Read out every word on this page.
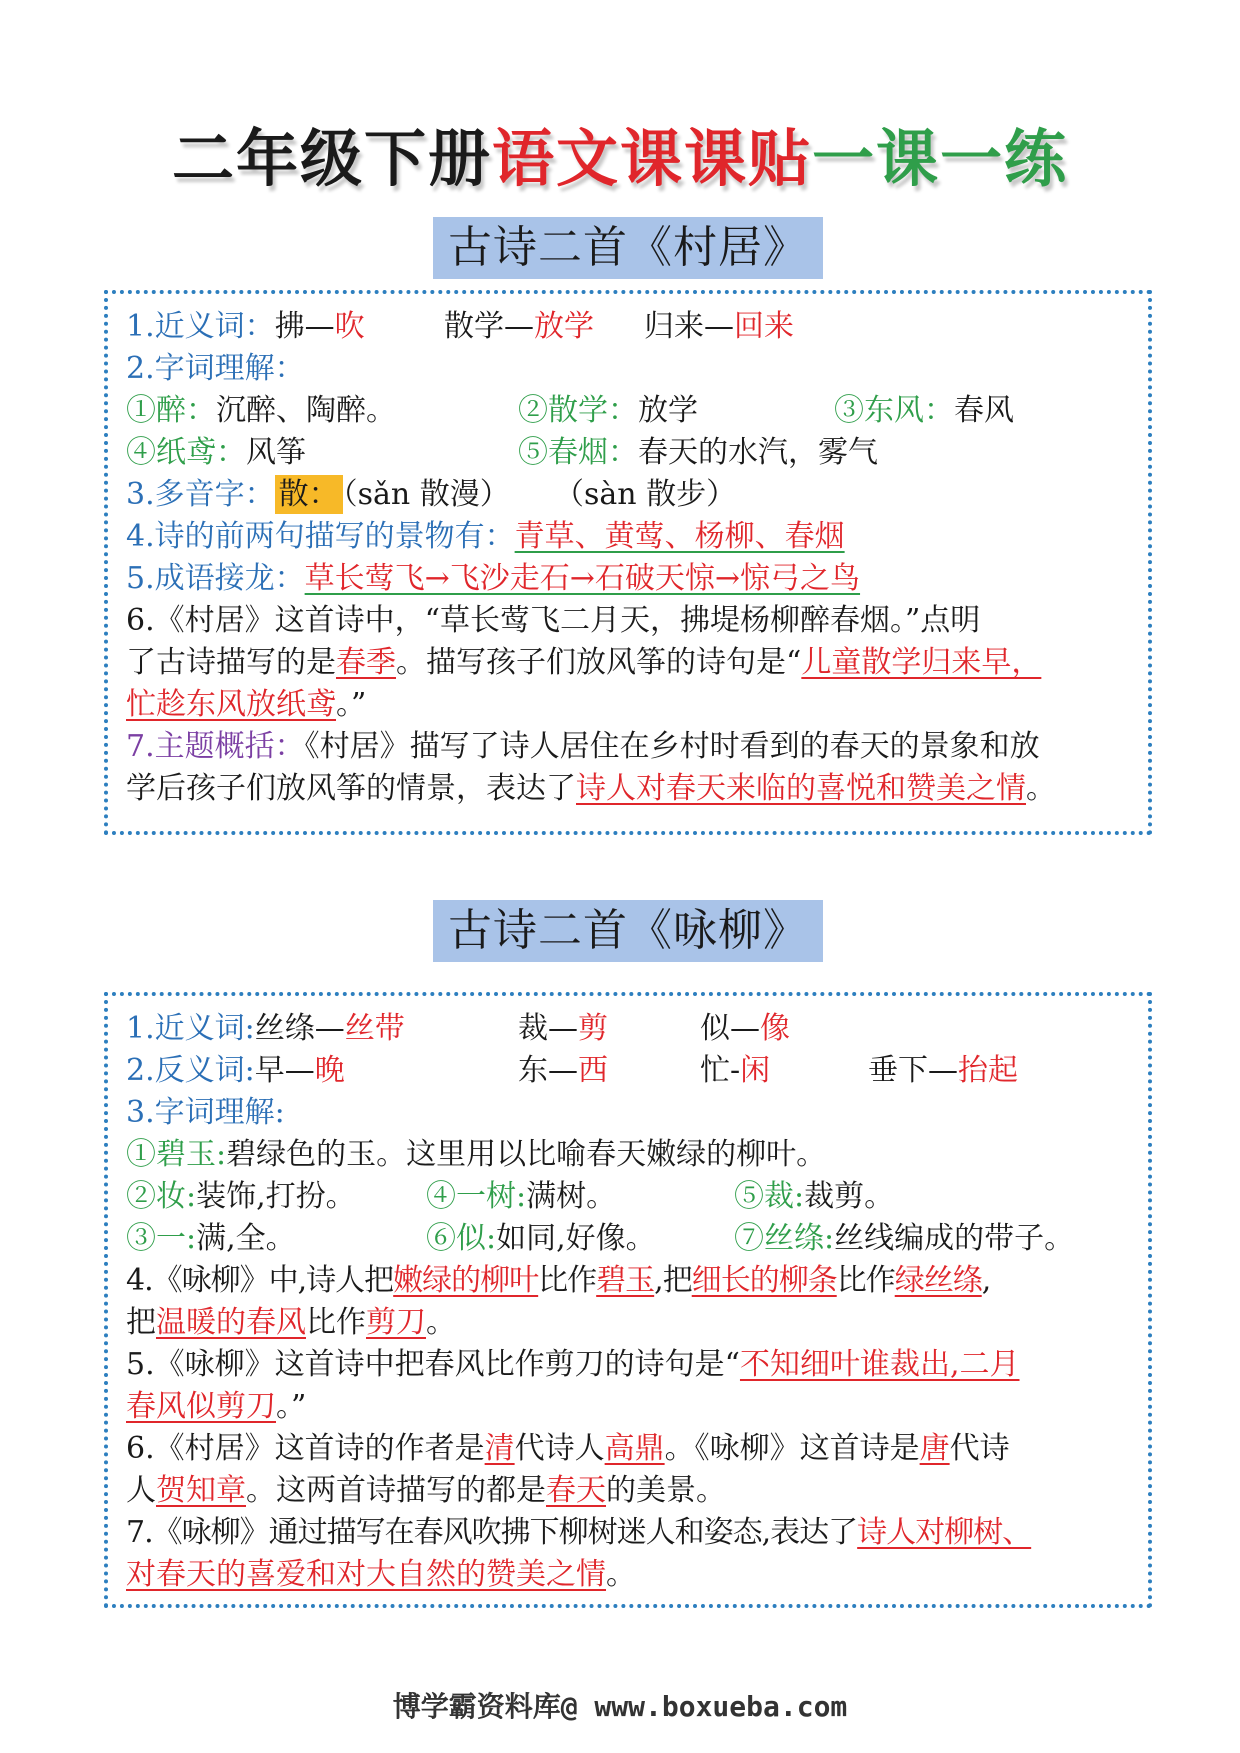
二年级下册语文课课贴一课一练
古诗二首《村居》
1.近义词：拂—吹	散学—放学 归来—回来
2.字词理解：
①醉：沉醉、陶醉。	②散学：放学	③东风：春风
④纸鸢：风筝	⑤春烟：春天的水汽，雾气
3.多音字： 散： （sǎn 散漫） （sàn 散步）
4.诗的前两句描写的景物有：青草、黄莺、杨柳、春烟
5.成语接龙：草长莺飞→飞沙走石→石破天惊→惊弓之鸟
6.《村居》这首诗中，“草长莺飞二月天，拂堤杨柳醉春烟。”点明
了古诗描写的是春季。描写孩子们放风筝的诗句是“儿童散学归来早，
忙趁东风放纸鸢。”
7.主题概括：《村居》描写了诗人居住在乡村时看到的春天的景象和放
学后孩子们放风筝的情景，表达了诗人对春天来临的喜悦和赞美之情。
古诗二首《咏柳》
1.近义词:丝绦—丝带	裁—剪	似—像
2.反义词:早—晚	东—西	忙-闲	垂下—抬起
3.字词理解:
①碧玉:碧绿色的玉。这里用以比喻春天嫩绿的柳叶。
②妆:装饰,打扮。 ④一树:满树。	⑤裁:裁剪。
③一:满,全。	⑥似:如同,好像。	⑦丝绦:丝线编成的带子。
4.《咏柳》中,诗人把嫩绿的柳叶比作碧玉,把细长的柳条比作绿丝绦,
把温暖的春风比作剪刀。
5.《咏柳》这首诗中把春风比作剪刀的诗句是“不知细叶谁裁出,二月
春风似剪刀。”
6.《村居》这首诗的作者是清代诗人高鼎。《咏柳》这首诗是唐代诗
人贺知章。这两首诗描写的都是春天的美景。
7.《咏柳》通过描写在春风吹拂下柳树迷人和姿态,表达了诗人对柳树、
对春天的喜爱和对大自然的赞美之情。
博学霸资料库@ www.boxueba.com
